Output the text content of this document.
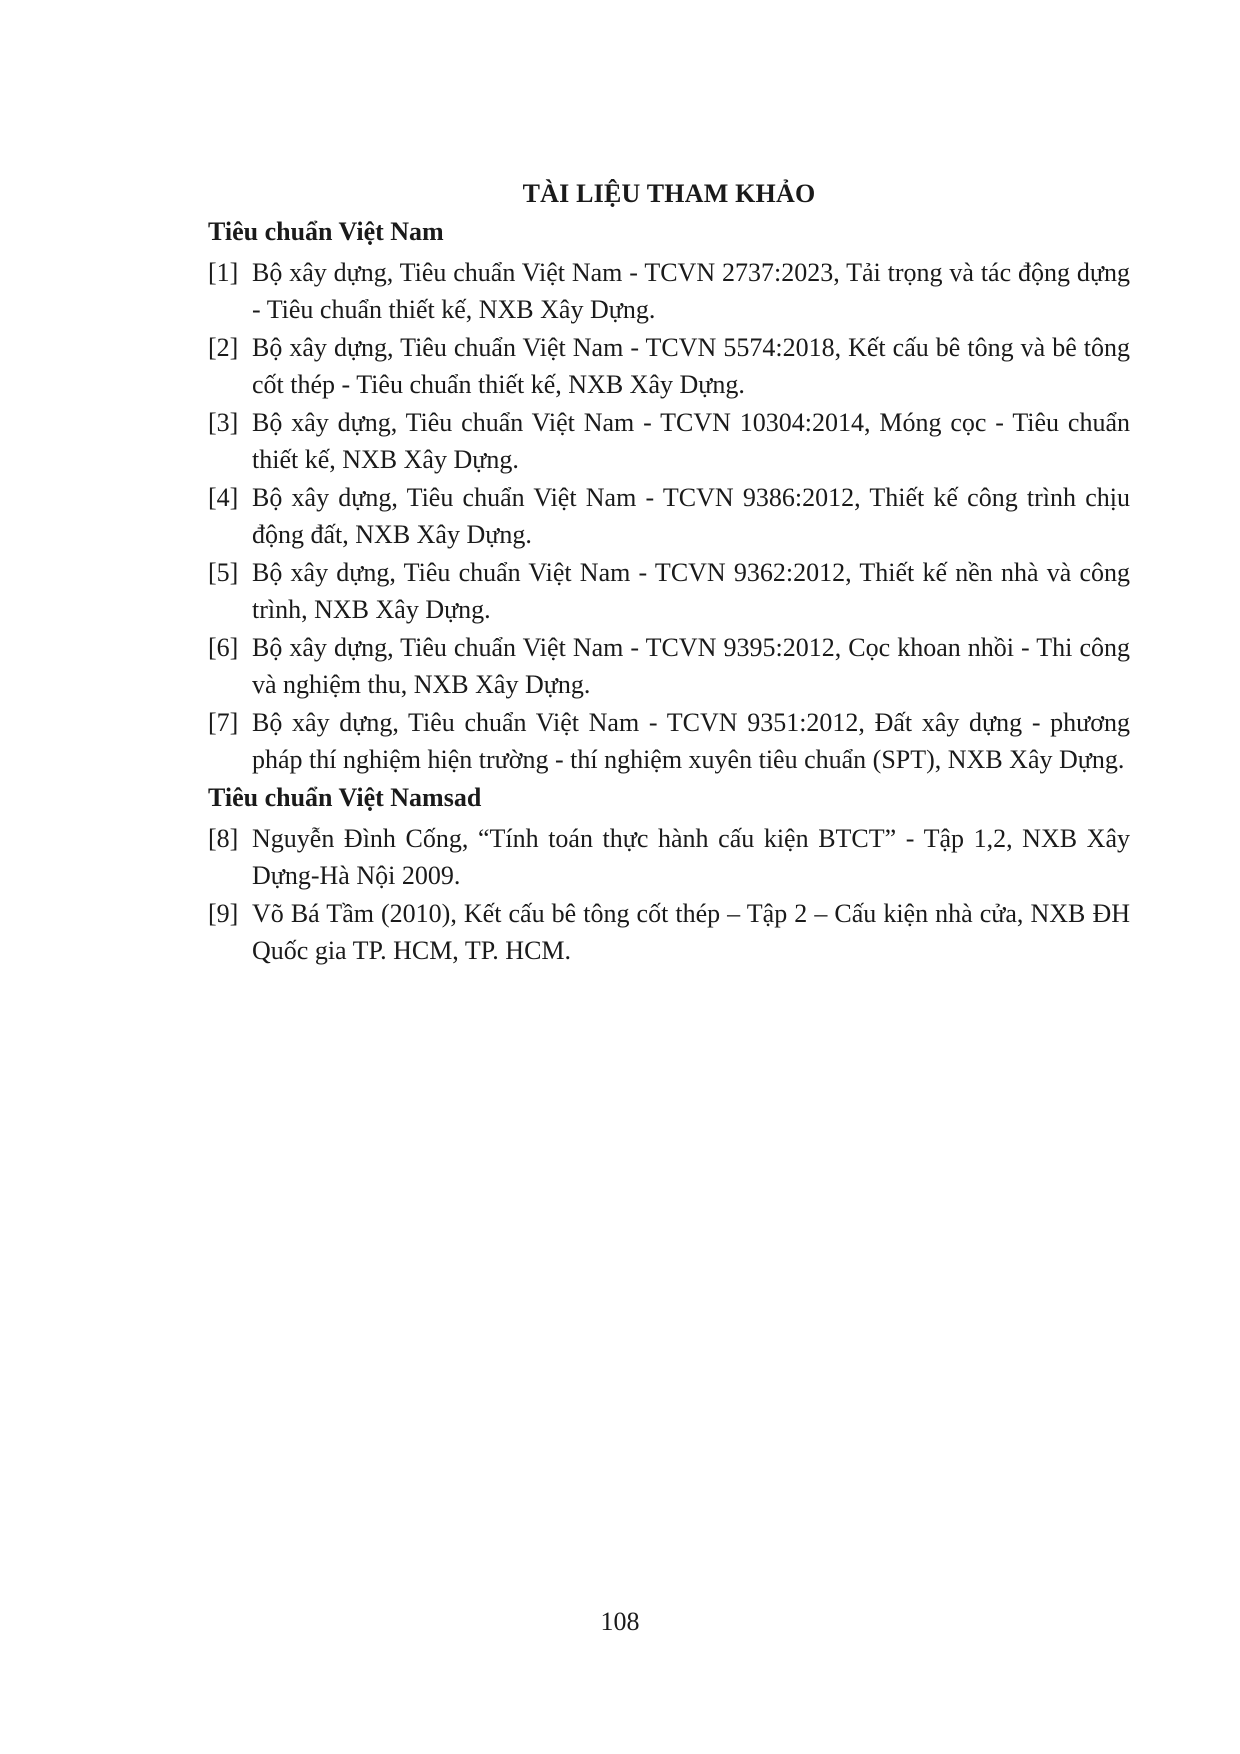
TÀI LIỆU THAM KHẢO
Tiêu chuẩn Việt Nam
[1] Bộ xây dựng, Tiêu chuẩn Việt Nam - TCVN 2737:2023, Tải trọng và tác động dựng - Tiêu chuẩn thiết kế, NXB Xây Dựng.
[2] Bộ xây dựng, Tiêu chuẩn Việt Nam - TCVN 5574:2018, Kết cấu bê tông và bê tông cốt thép - Tiêu chuẩn thiết kế, NXB Xây Dựng.
[3] Bộ xây dựng, Tiêu chuẩn Việt Nam - TCVN 10304:2014, Móng cọc - Tiêu chuẩn thiết kế, NXB Xây Dựng.
[4] Bộ xây dựng, Tiêu chuẩn Việt Nam - TCVN 9386:2012, Thiết kế công trình chịu động đất, NXB Xây Dựng.
[5] Bộ xây dựng, Tiêu chuẩn Việt Nam - TCVN 9362:2012, Thiết kế nền nhà và công trình, NXB Xây Dựng.
[6] Bộ xây dựng, Tiêu chuẩn Việt Nam - TCVN 9395:2012, Cọc khoan nhồi - Thi công và nghiệm thu, NXB Xây Dựng.
[7] Bộ xây dựng, Tiêu chuẩn Việt Nam - TCVN 9351:2012, Đất xây dựng - phương pháp thí nghiệm hiện trường - thí nghiệm xuyên tiêu chuẩn (SPT), NXB Xây Dựng.
Tiêu chuẩn Việt Namsad
[8] Nguyễn Đình Cống, “Tính toán thực hành cấu kiện BTCT” - Tập 1,2, NXB Xây Dựng-Hà Nội 2009.
[9] Võ Bá Tầm (2010), Kết cấu bê tông cốt thép – Tập 2 – Cấu kiện nhà cửa, NXB ĐH Quốc gia TP. HCM, TP. HCM.
108
